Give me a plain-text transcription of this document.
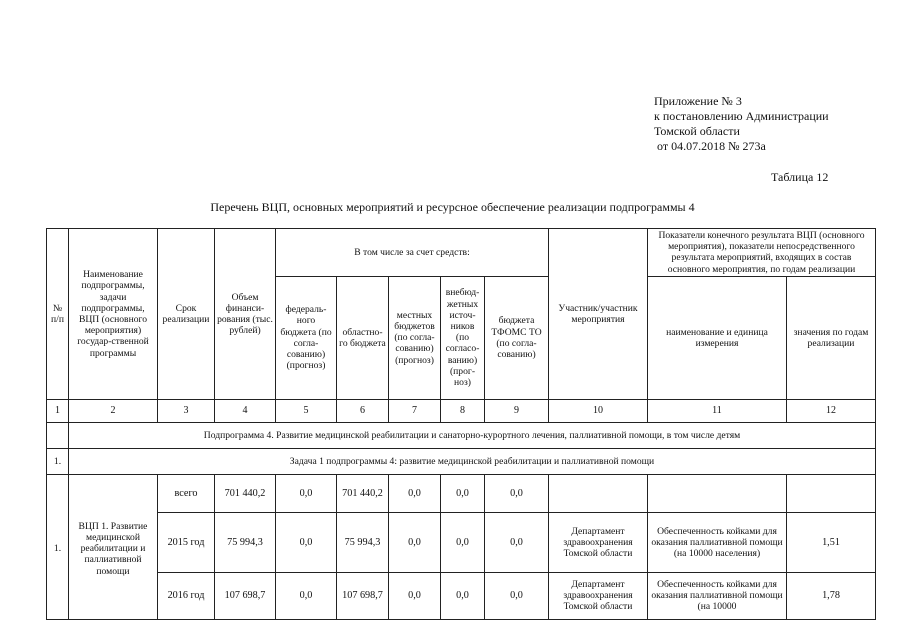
Приложение № 3
к постановлению Администрации
Томской области
от 04.07.2018 № 273а
Таблица 12
Перечень ВЦП, основных мероприятий и ресурсное обеспечение реализации подпрограммы 4
№ п/п	Наименование подпрограммы, задачи подпрограммы, ВЦП (основного мероприятия) государ-ственной программы	Срок реализации	Объем финанси-рования (тыс. рублей)	В том числе за счет средств:					Участник/участник мероприятия	Показатели конечного результата ВЦП (основного мероприятия), показатели непосредственного результата мероприятий, входящих в состав основного мероприятия, по годам реализации	
				федераль-ного бюджета (по согла-сованию) (прогноз)	областно-го бюджета	местных бюджетов (по согла-сованию) (прогноз)	внебюд-жетных источ-ников (по согласо-ванию) (прог-ноз)	бюджета ТФОМС ТО (по согла-сованию)		наименование и единица измерения	значения по годам реализации
1	2	3	4	5	6	7	8	9	10	11	12
	Подпрограмма 4. Развитие медицинской реабилитации и санаторно-курортного лечения, паллиативной помощи, в том числе детям										
1.	Задача 1 подпрограммы 4: развитие медицинской реабилитации и паллиативной помощи										
1.	ВЦП 1. Развитие медицинской реабилитации и паллиативной помощи	всего	701 440,2	0,0	701 440,2	0,0	0,0	0,0			
		2015 год	75 994,3	0,0	75 994,3	0,0	0,0	0,0	Департамент здравоохранения Томской области	Обеспеченность койками для оказания паллиативной помощи (на 10000 населения)	1,51
		2016 год	107 698,7	0,0	107 698,7	0,0	0,0	0,0	Департамент здравоохранения Томской области	Обеспеченность койками для оказания паллиативной помощи (на 10000	1,78
